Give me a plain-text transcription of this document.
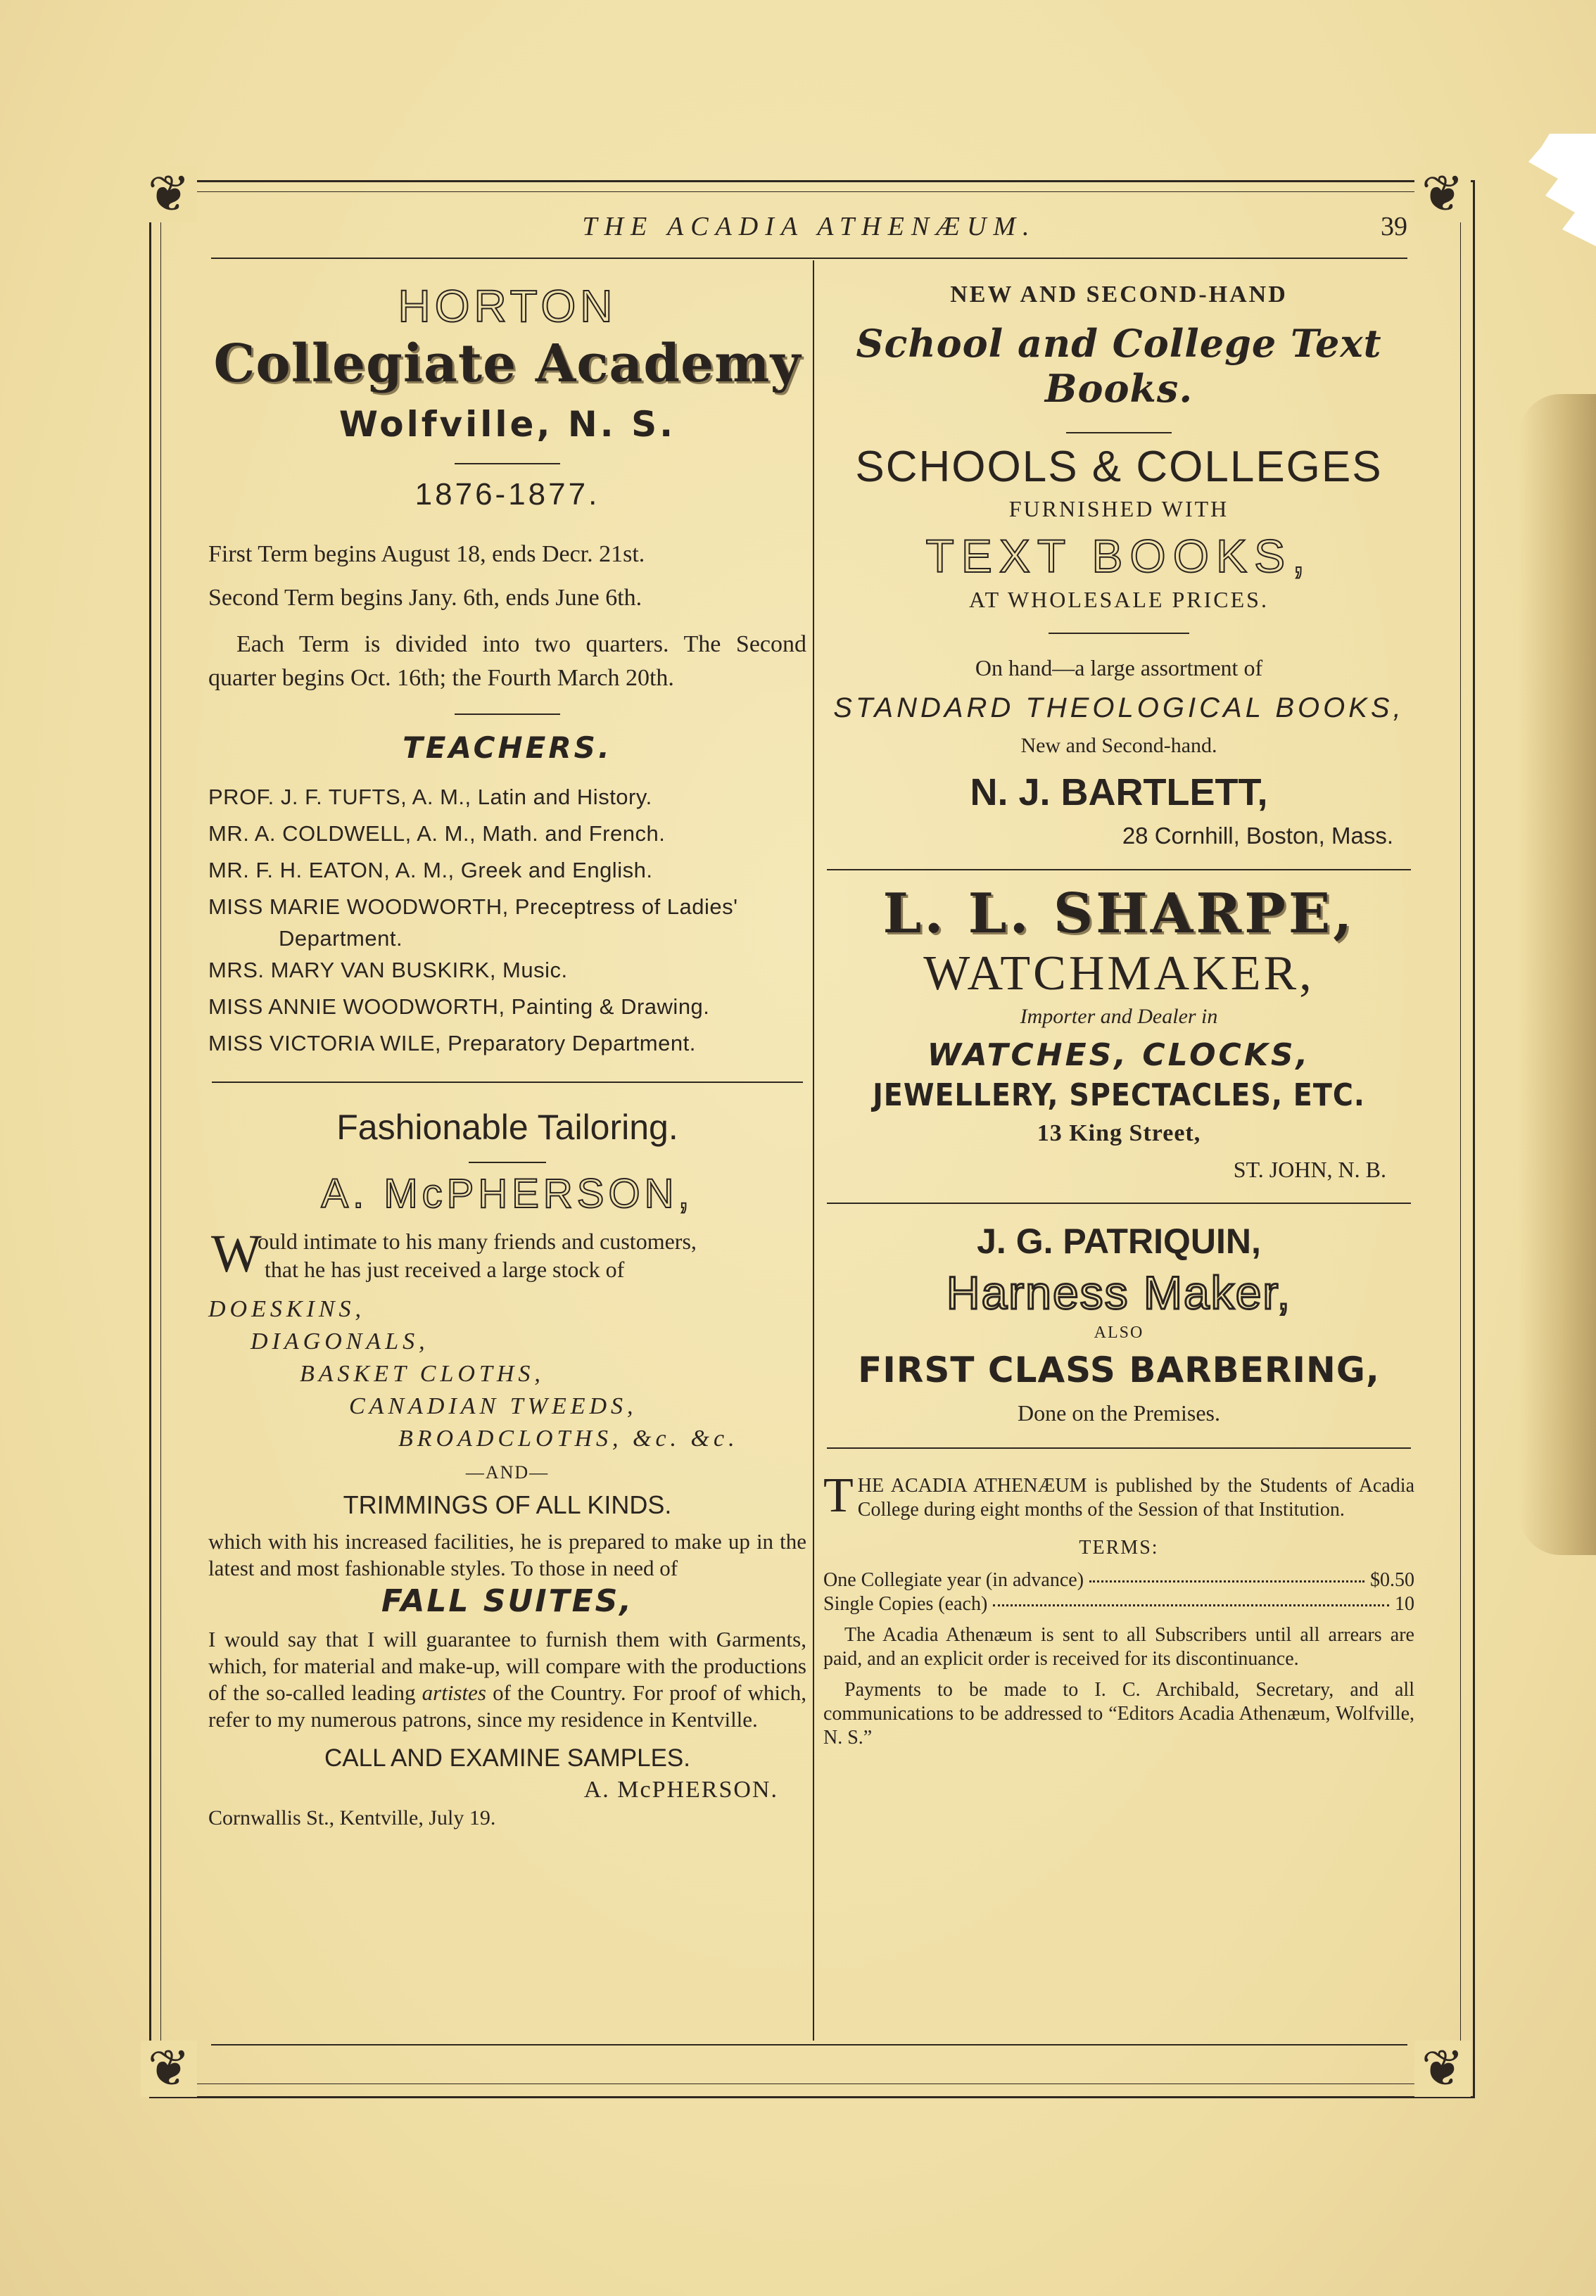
❦	❦
❦	❦
THE ACADIA ATHENÆUM.	39
HORTON
Collegiate Academy
Wolfville, N. S.
1876-1877.
First Term begins August 18, ends Decr. 21st.
Second Term begins Jany. 6th, ends June 6th.
Each Term is divided into two quarters. The Second quarter begins Oct. 16th; the Fourth March 20th.
TEACHERS.
PROF. J. F. TUFTS, A. M., Latin and History.
MR. A. COLDWELL, A. M., Math. and French.
MR. F. H. EATON, A. M., Greek and English.
MISS MARIE WOODWORTH, Preceptress of Ladies'
Department.
MRS. MARY VAN BUSKIRK, Music.
MISS ANNIE WOODWORTH, Painting & Drawing.
MISS VICTORIA WILE, Preparatory Department.
Fashionable Tailoring.
A. McPHERSON,
W
ould intimate to his many friends and customers,
that he has just received a large stock of
DOESKINS,
DIAGONALS,
BASKET CLOTHS,
CANADIAN TWEEDS,
BROADCLOTHS, &c. &c.
—AND—
TRIMMINGS OF ALL KINDS.
which with his increased facilities, he is prepared to make up in the latest and most fashionable styles. To those in need of
FALL SUITES,
I would say that I will guarantee to furnish them with Garments, which, for material and make-up, will compare with the productions of the so-called leading artistes of the Country. For proof of which, refer to my numerous patrons, since my residence in Kentville.
CALL AND EXAMINE SAMPLES.
A. McPHERSON.
Cornwallis St., Kentville, July 19.
NEW AND SECOND-HAND
School and College Text Books.
SCHOOLS & COLLEGES
FURNISHED WITH
TEXT BOOKS,
AT WHOLESALE PRICES.
On hand—a large assortment of
STANDARD THEOLOGICAL BOOKS,
New and Second-hand.
N. J. BARTLETT,
28 Cornhill, Boston, Mass.
L. L. SHARPE,
WATCHMAKER,
Importer and Dealer in
WATCHES, CLOCKS,
JEWELLERY, SPECTACLES, ETC.
13 King Street,
ST. JOHN, N. B.
J. G. PATRIQUIN,
Harness Maker,
ALSO
FIRST CLASS BARBERING,
Done on the Premises.
THE ACADIA ATHENÆUM is published by the Students of Acadia College during eight months of the Session of that Institution.
TERMS:
One Collegiate year (in advance)	$0.50
Single Copies (each)	10
The Acadia Athenæum is sent to all Subscribers until all arrears are paid, and an explicit order is received for its discontinuance.
Payments to be made to I. C. Archibald, Secretary, and all communications to be addressed to “Editors Acadia Athenæum, Wolfville, N. S.”
